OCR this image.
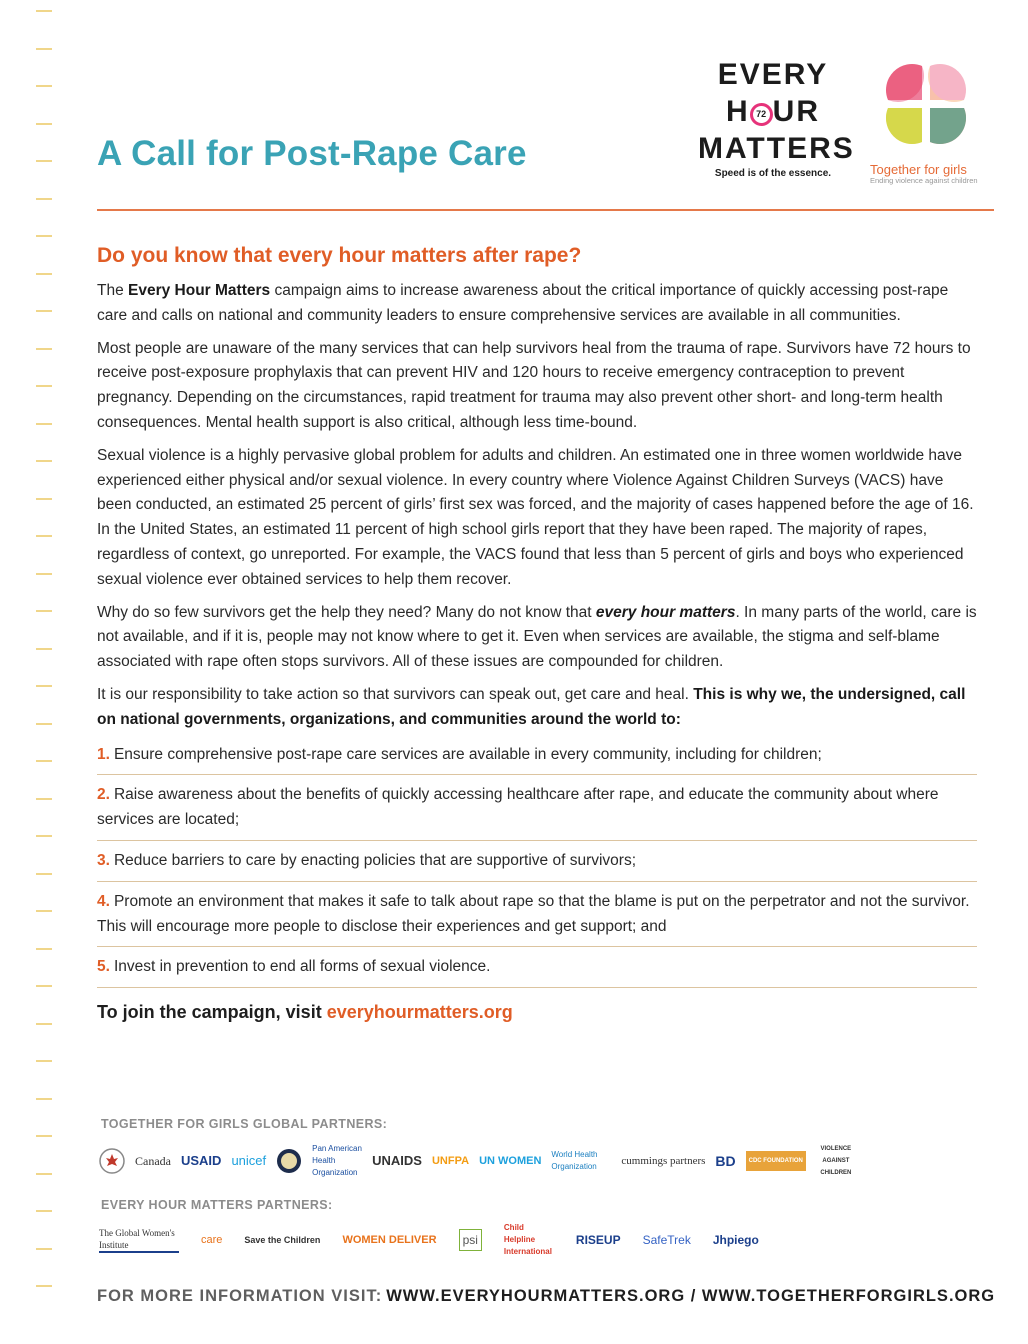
A Call for Post-Rape Care
EVERY
H 72 UR
MATTERS
Speed is of the essence.	Together for girls
Ending violence against children
Do you know that every hour matters after rape?

The Every Hour Matters campaign aims to increase awareness about the critical importance of quickly accessing post-rape care and calls on national and community leaders to ensure comprehensive services are available in all communities.

Most people are unaware of the many services that can help survivors heal from the trauma of rape. Survivors have 72 hours to receive post-exposure prophylaxis that can prevent HIV and 120 hours to receive emergency contraception to prevent pregnancy. Depending on the circumstances, rapid treatment for trauma may also prevent other short- and long-term health consequences. Mental health support is also critical, although less time-bound.

Sexual violence is a highly pervasive global problem for adults and children. An estimated one in three women worldwide have experienced either physical and/or sexual violence. In every country where Violence Against Children Surveys (VACS) have been conducted, an estimated 25 percent of girls’ first sex was forced, and the majority of cases happened before the age of 16. In the United States, an estimated 11 percent of high school girls report that they have been raped. The majority of rapes, regardless of context, go unreported. For example, the VACS found that less than 5 percent of girls and boys who experienced sexual violence ever obtained services to help them recover.

Why do so few survivors get the help they need? Many do not know that every hour matters. In many parts of the world, care is not available, and if it is, people may not know where to get it. Even when services are available, the stigma and self-blame associated with rape often stops survivors. All of these issues are compounded for children.

It is our responsibility to take action so that survivors can speak out, get care and heal. This is why we, the undersigned, call on national governments, organizations, and communities around the world to:

1. Ensure comprehensive post-rape care services are available in every community, including for children;
2. Raise awareness about the benefits of quickly accessing healthcare after rape, and educate the community about where services are located;
3. Reduce barriers to care by enacting policies that are supportive of survivors;
4. Promote an environment that makes it safe to talk about rape so that the blame is put on the perpetrator and not the survivor. This will encourage more people to disclose their experiences and get support; and
5. Invest in prevention to end all forms of sexual violence.
To join the campaign, visit everyhourmatters.org
TOGETHER FOR GIRLS GLOBAL PARTNERS:
Canada USAID unicef
Pan American Health Organization
UNAIDS UNFPA UN WOMEN
World Health Organization	cummings partners BD	CDC FOUNDATION
VIOLENCE AGAINST CHILDREN
EVERY HOUR MATTERS PARTNERS:
The Global Women's Institute	care Save the Children WOMEN DELIVER	psi
Child Helpline International
RISEUP SafeTrek Jhpiego
FOR MORE INFORMATION VISIT: WWW.EVERYHOURMATTERS.ORG / WWW.TOGETHERFORGIRLS.ORG
